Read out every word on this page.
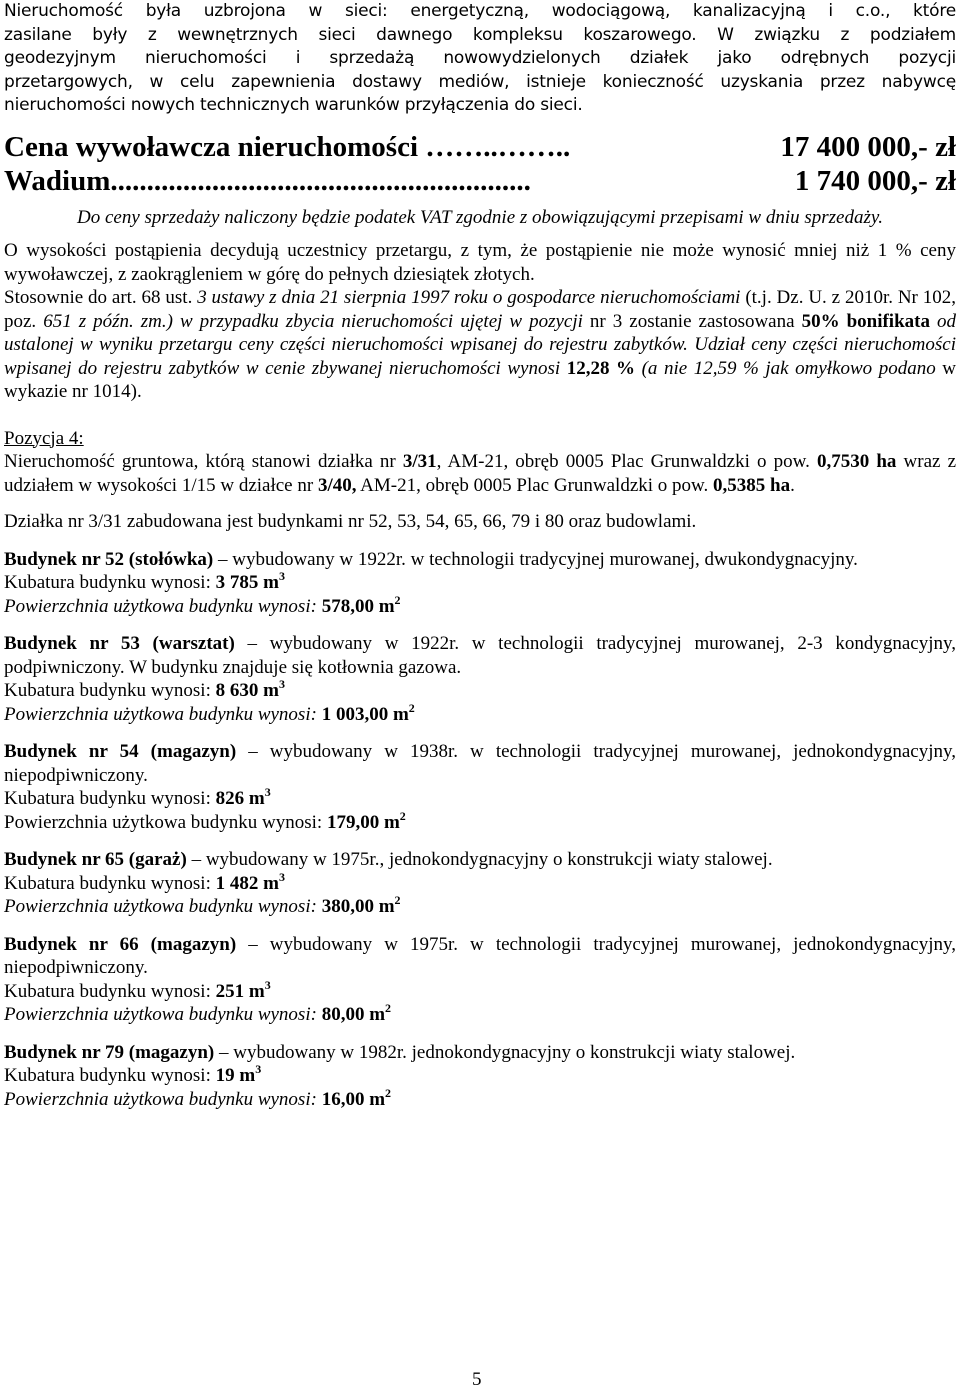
Nieruchomość była uzbrojona w sieci: energetyczną, wodociągową, kanalizacyjną i c.o., które

zasilane były z wewnętrznych sieci dawnego kompleksu koszarowego. W związku z podziałem

geodezyjnym nieruchomości i sprzedażą nowowydzielonych działek jako odrębnych pozycji

przetargowych, w celu zapewnienia dostawy mediów, istnieje konieczność uzyskania przez nabywcę

nieruchomości nowych technicznych warunków przyłączenia do sieci.

Cena wywoławcza nieruchomości ……..……..	17 400 000,- zł
Wadium..........................................................	1 740 000,- zł

Do ceny sprzedaży naliczony będzie podatek VAT zgodnie z obowiązującymi przepisami w dniu sprzedaży.

O wysokości postąpienia decydują uczestnicy przetargu, z tym, że postąpienie nie może wynosić mniej niż 1 % ceny wywoławczej, z zaokrągleniem w górę do pełnych dziesiątek złotych.

Stosownie do art. 68 ust. 3 ustawy z dnia 21 sierpnia 1997 roku o gospodarce nieruchomościami (t.j. Dz. U. z 2010r. Nr 102, poz. 651 z późn. zm.) w przypadku zbycia nieruchomości ujętej w pozycji nr 3 zostanie zastosowana 50% bonifikata od ustalonej w wyniku przetargu ceny części nieruchomości wpisanej do rejestru zabytków. Udział ceny części nieruchomości wpisanej do rejestru zabytków w cenie zbywanej nieruchomości wynosi 12,28 % (a nie 12,59 % jak omyłkowo podano w wykazie nr 1014).

Pozycja 4:

Nieruchomość gruntowa, którą stanowi działka nr 3/31, AM-21, obręb 0005 Plac Grunwaldzki o pow. 0,7530 ha wraz z udziałem w wysokości 1/15 w działce nr 3/40, AM-21, obręb 0005 Plac Grunwaldzki o pow. 0,5385 ha.

Działka nr 3/31 zabudowana jest budynkami nr 52, 53, 54, 65, 66, 79 i 80 oraz budowlami.

Budynek nr 52 (stołówka) – wybudowany w 1922r. w technologii tradycyjnej murowanej, dwukondygnacyjny.

Kubatura budynku wynosi: 3 785 $m^3$

Powierzchnia użytkowa budynku wynosi: 578,00 $m^2$

Budynek nr 53 (warsztat) – wybudowany w 1922r. w technologii tradycyjnej murowanej, 2-3 kondygnacyjny, podpiwniczony. W budynku znajduje się kotłownia gazowa.

Kubatura budynku wynosi: 8 630 $m^3$

Powierzchnia użytkowa budynku wynosi: 1 003,00 $m^2$

Budynek nr 54 (magazyn) – wybudowany w 1938r. w technologii tradycyjnej murowanej, jednokondygnacyjny, niepodpiwniczony.

Kubatura budynku wynosi: 826 $m^3$

Powierzchnia użytkowa budynku wynosi: 179,00 $m^2$

Budynek nr 65 (garaż) – wybudowany w 1975r., jednokondygnacyjny o konstrukcji wiaty stalowej.

Kubatura budynku wynosi: 1 482 $m^3$

Powierzchnia użytkowa budynku wynosi: 380,00 $m^2$

Budynek nr 66 (magazyn) – wybudowany w 1975r. w technologii tradycyjnej murowanej, jednokondygnacyjny, niepodpiwniczony.

Kubatura budynku wynosi: 251 $m^3$

Powierzchnia użytkowa budynku wynosi: 80,00 $m^2$

Budynek nr 79 (magazyn) – wybudowany w 1982r. jednokondygnacyjny o konstrukcji wiaty stalowej.

Kubatura budynku wynosi: 19 $m^3$

Powierzchnia użytkowa budynku wynosi: 16,00 $m^2$

5
